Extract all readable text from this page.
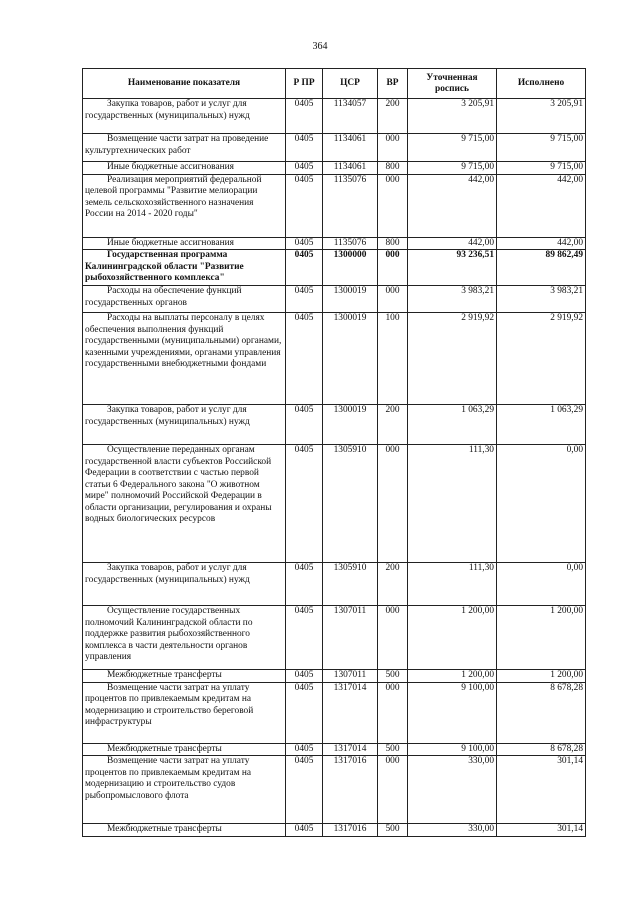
364
Наименование показателя	Р ПР	ЦСР	ВР	Уточненная роспись	Исполнено
Закупка товаров, работ и услуг для государственных (муниципальных) нужд	0405	1134057	200	3 205,91	3 205,91
Возмещение части затрат на проведение культуртехнических работ	0405	1134061	000	9 715,00	9 715,00
Иные бюджетные ассигнования	0405	1134061	800	9 715,00	9 715,00
Реализация мероприятий федеральной целевой программы "Развитие мелиорации земель сельскохозяйственного назначения России на 2014 - 2020 годы"	0405	1135076	000	442,00	442,00
Иные бюджетные ассигнования	0405	1135076	800	442,00	442,00
Государственная программа Калининградской области "Развитие рыбохозяйственного комплекса"	0405	1300000	000	93 236,51	89 862,49
Расходы на обеспечение функций государственных органов	0405	1300019	000	3 983,21	3 983,21
Расходы на выплаты персоналу в целях обеспечения выполнения функций государственными (муниципальными) органами, казенными учреждениями, органами управления государственными внебюджетными фондами	0405	1300019	100	2 919,92	2 919,92
Закупка товаров, работ и услуг для государственных (муниципальных) нужд	0405	1300019	200	1 063,29	1 063,29
Осуществление переданных органам государственной власти субъектов Российской Федерации в соответствии с частью первой статьи 6 Федерального закона "О животном мире" полномочий Российской Федерации в области организации, регулирования и охраны водных биологических ресурсов	0405	1305910	000	111,30	0,00
Закупка товаров, работ и услуг для государственных (муниципальных) нужд	0405	1305910	200	111,30	0,00
Осуществление государственных полномочий Калининградской области по поддержке развития рыбохозяйственного комплекса в части деятельности органов управления	0405	1307011	000	1 200,00	1 200,00
Межбюджетные трансферты	0405	1307011	500	1 200,00	1 200,00
Возмещение части затрат на уплату процентов по привлекаемым кредитам на модернизацию и строительство береговой инфраструктуры	0405	1317014	000	9 100,00	8 678,28
Межбюджетные трансферты	0405	1317014	500	9 100,00	8 678,28
Возмещение части затрат на уплату процентов по привлекаемым кредитам на модернизацию и строительство судов рыбопромыслового флота	0405	1317016	000	330,00	301,14
Межбюджетные трансферты	0405	1317016	500	330,00	301,14
